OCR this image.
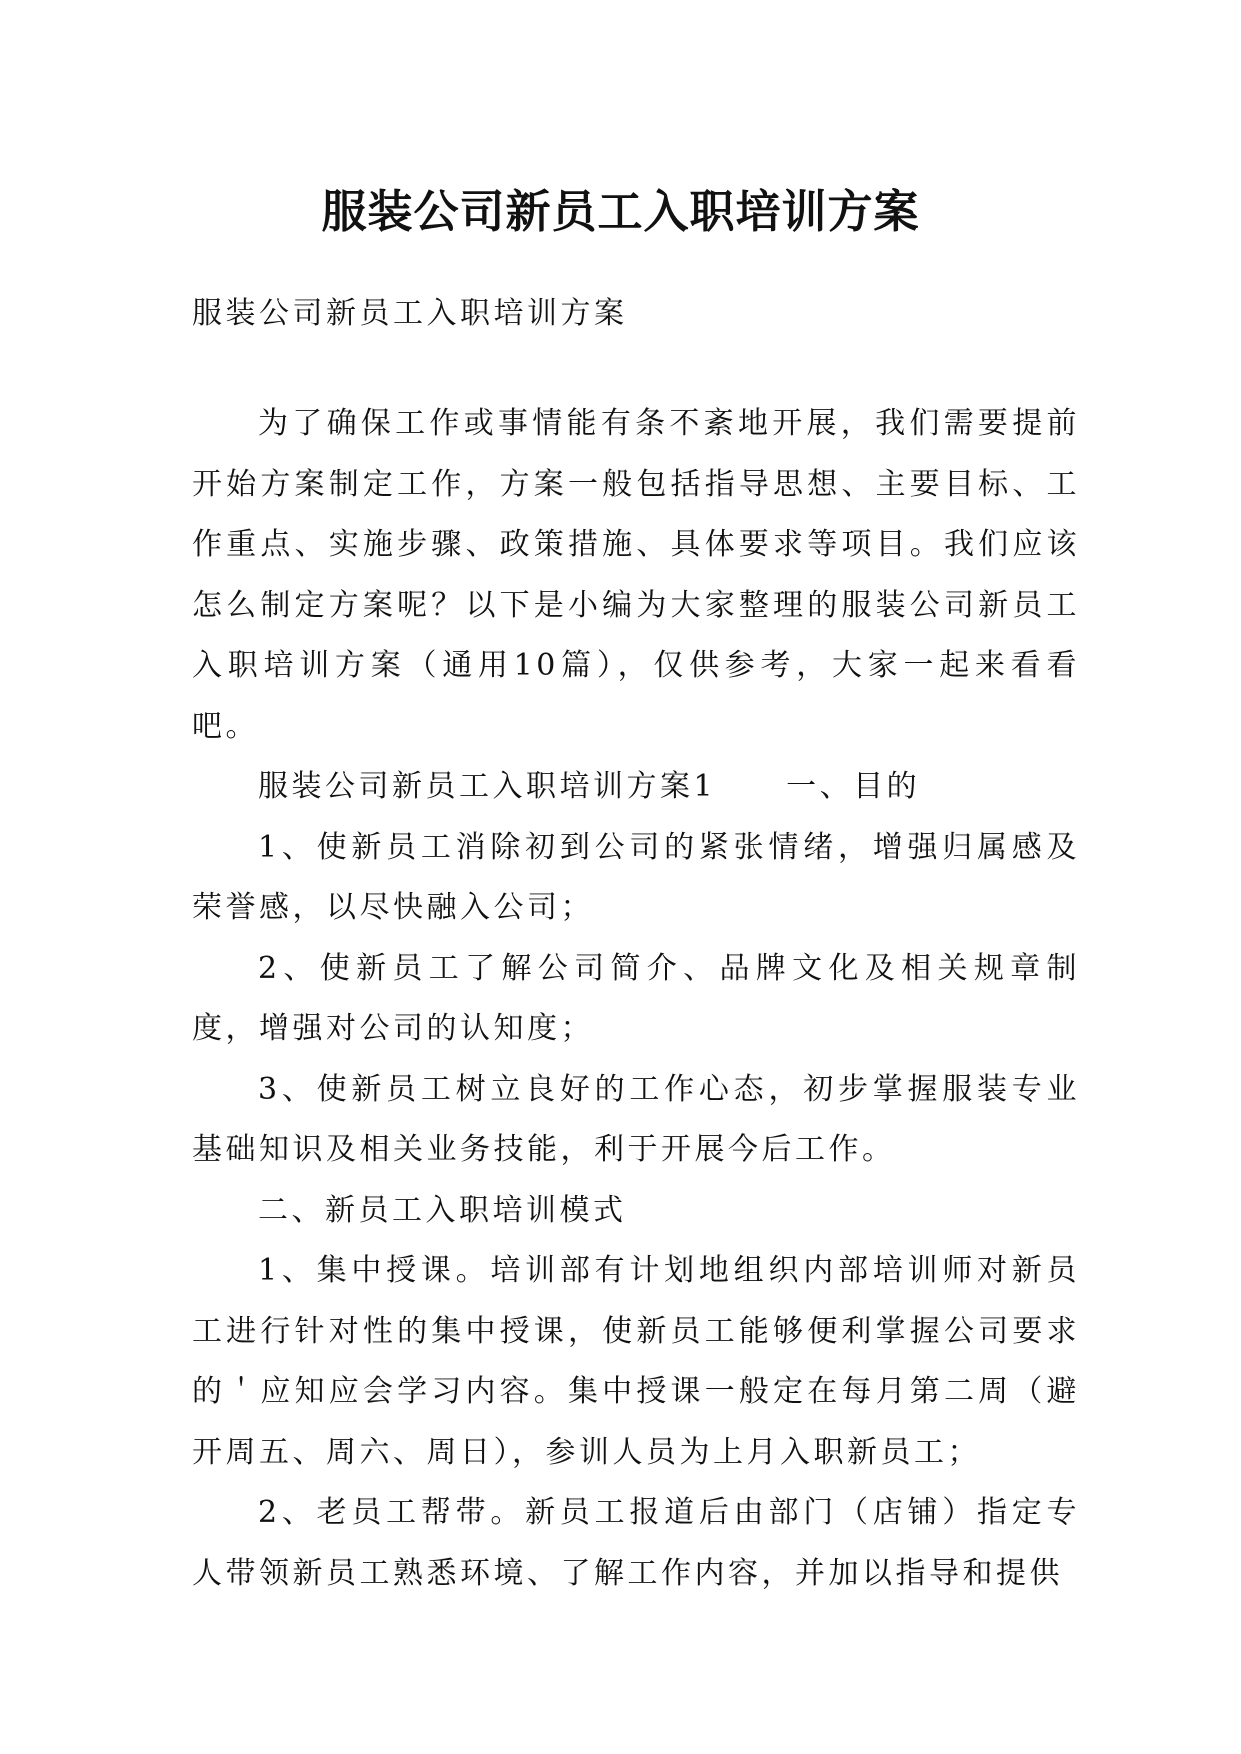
服装公司新员工入职培训方案

服装公司新员工入职培训方案

为了确保工作或事情能有条不紊地开展，我们需要提前开始方案制定工作，方案一般包括指导思想、主要目标、工作重点、实施步骤、政策措施、具体要求等项目。我们应该怎么制定方案呢？以下是小编为大家整理的服装公司新员工入职培训方案（通用10篇），仅供参考，大家一起来看看吧。

服装公司新员工入职培训方案1 一、目的

1、使新员工消除初到公司的紧张情绪，增强归属感及荣誉感，以尽快融入公司；

2、使新员工了解公司简介、品牌文化及相关规章制度，增强对公司的认知度；

3、使新员工树立良好的工作心态，初步掌握服装专业基础知识及相关业务技能，利于开展今后工作。

二、新员工入职培训模式

1、集中授课。培训部有计划地组织内部培训师对新员工进行针对性的集中授课，使新员工能够便利掌握公司要求的＇应知应会学习内容。集中授课一般定在每月第二周（避开周五、周六、周日），参训人员为上月入职新员工；

2、老员工帮带。新员工报道后由部门（店铺）指定专人带领新员工熟悉环境、了解工作内容，并加以指导和提供
